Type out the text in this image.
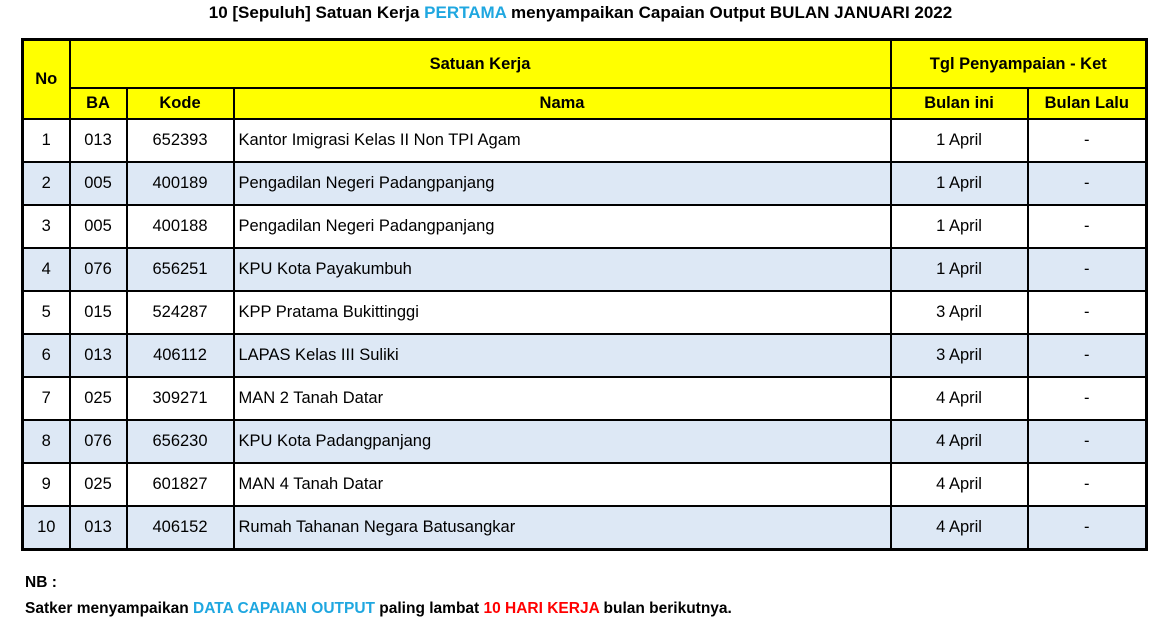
10 [Sepuluh] Satuan Kerja PERTAMA menyampaikan Capaian Output BULAN JANUARI 2022
No	Satuan Kerja			Tgl Penyampaian - Ket	
	BA	Kode	Nama	Bulan ini	Bulan Lalu
1	013	652393	Kantor Imigrasi Kelas II Non TPI Agam	1 April	-
2	005	400189	Pengadilan Negeri Padangpanjang	1 April	-
3	005	400188	Pengadilan Negeri Padangpanjang	1 April	-
4	076	656251	KPU Kota Payakumbuh	1 April	-
5	015	524287	KPP Pratama Bukittinggi	3 April	-
6	013	406112	LAPAS Kelas III Suliki	3 April	-
7	025	309271	MAN 2 Tanah Datar	4 April	-
8	076	656230	KPU Kota Padangpanjang	4 April	-
9	025	601827	MAN 4 Tanah Datar	4 April	-
10	013	406152	Rumah Tahanan Negara Batusangkar	4 April	-
NB :
Satker menyampaikan DATA CAPAIAN OUTPUT paling lambat 10 HARI KERJA bulan berikutnya.
